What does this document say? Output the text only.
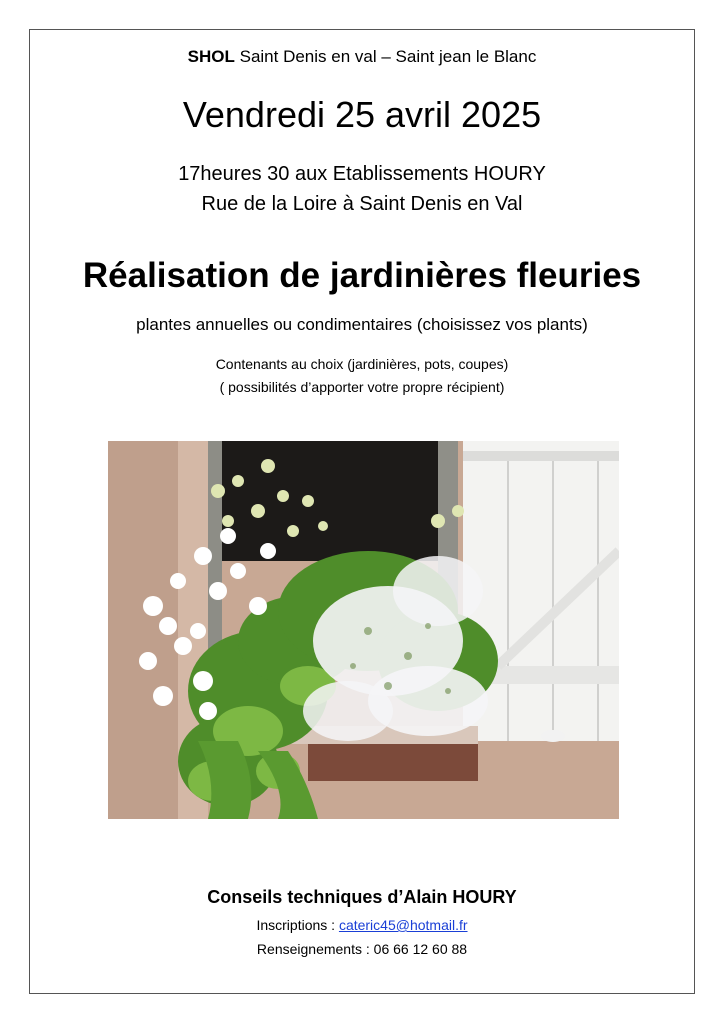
SHOL Saint Denis en val – Saint jean le Blanc
Vendredi 25 avril 2025
17heures 30 aux Etablissements HOURY
Rue de la Loire à Saint Denis en Val
Réalisation de jardinières fleuries
plantes annuelles ou condimentaires (choisissez vos plants)
Contenants au choix (jardinières, pots, coupes)
( possibilités d’apporter votre propre récipient)
Conseils techniques d’Alain HOURY
Inscriptions : cateric45@hotmail.fr
Renseignements : 06 66 12 60 88
